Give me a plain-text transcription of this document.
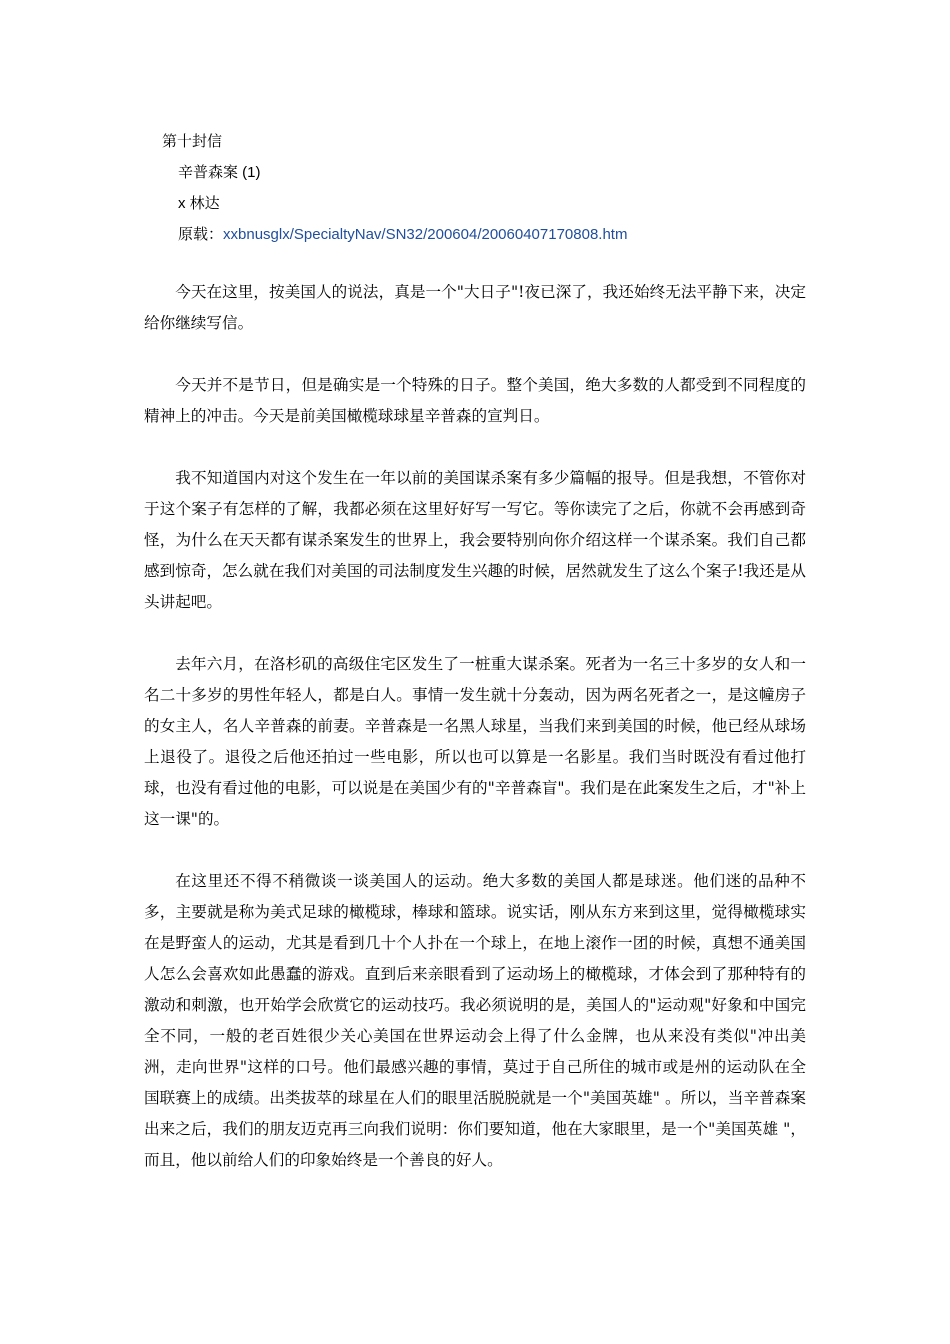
第十封信
辛普森案 (1)
x 林达
原载：xxbnusglx/SpecialtyNav/SN32/200604/20060407170808.htm

今天在这里，按美国人的说法，真是一个"大日子"!夜已深了，我还始终无法平静下来，决定给你继续写信。

今天并不是节日，但是确实是一个特殊的日子。整个美国，绝大多数的人都受到不同程度的精神上的冲击。今天是前美国橄榄球球星辛普森的宣判日。

我不知道国内对这个发生在一年以前的美国谋杀案有多少篇幅的报导。但是我想，不管你对于这个案子有怎样的了解，我都必须在这里好好写一写它。等你读完了之后，你就不会再感到奇怪，为什么在天天都有谋杀案发生的世界上，我会要特别向你介绍这样一个谋杀案。我们自己都感到惊奇，怎么就在我们对美国的司法制度发生兴趣的时候，居然就发生了这么个案子!我还是从头讲起吧。

去年六月，在洛杉矶的高级住宅区发生了一桩重大谋杀案。死者为一名三十多岁的女人和一名二十多岁的男性年轻人，都是白人。事情一发生就十分轰动，因为两名死者之一，是这幢房子的女主人，名人辛普森的前妻。辛普森是一名黑人球星，当我们来到美国的时候，他已经从球场上退役了。退役之后他还拍过一些电影，所以也可以算是一名影星。我们当时既没有看过他打球，也没有看过他的电影，可以说是在美国少有的"辛普森盲"。我们是在此案发生之后，才"补上这一课"的。

在这里还不得不稍微谈一谈美国人的运动。绝大多数的美国人都是球迷。他们迷的品种不多，主要就是称为美式足球的橄榄球，棒球和篮球。说实话，刚从东方来到这里，觉得橄榄球实在是野蛮人的运动，尤其是看到几十个人扑在一个球上，在地上滚作一团的时候，真想不通美国人怎么会喜欢如此愚蠢的游戏。直到后来亲眼看到了运动场上的橄榄球，才体会到了那种特有的激动和刺激，也开始学会欣赏它的运动技巧。我必须说明的是，美国人的"运动观"好象和中国完全不同，一般的老百姓很少关心美国在世界运动会上得了什么金牌，也从来没有类似"冲出美洲，走向世界"这样的口号。他们最感兴趣的事情，莫过于自己所住的城市或是州的运动队在全国联赛上的成绩。出类拔萃的球星在人们的眼里活脱脱就是一个"美国英雄" 。所以，当辛普森案出来之后，我们的朋友迈克再三向我们说明：你们要知道，他在大家眼里，是一个"美国英雄 "，而且，他以前给人们的印象始终是一个善良的好人。
